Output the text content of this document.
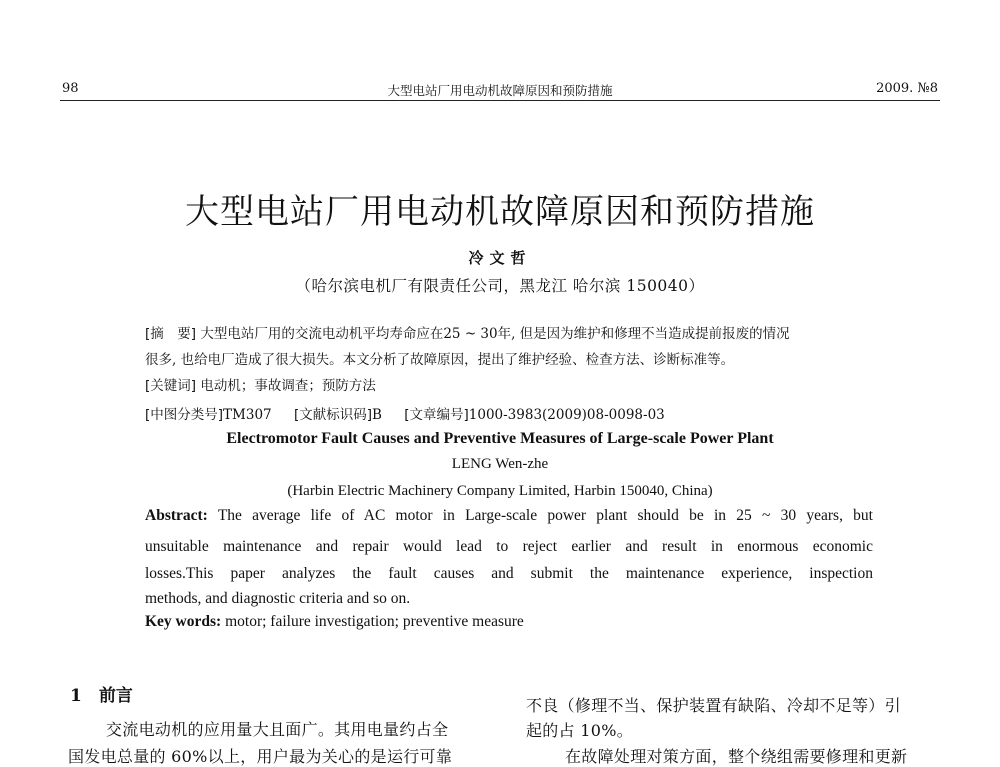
98	大型电站厂用电动机故障原因和预防措施	2009. №8
大型电站厂用电动机故障原因和预防措施
冷文哲
（哈尔滨电机厂有限责任公司，黑龙江 哈尔滨 150040）
[摘　要] 大型电站厂用的交流电动机平均寿命应在25 ~ 30年, 但是因为维护和修理不当造成提前报废的情况
很多, 也给电厂造成了很大损失。本文分析了故障原因，提出了维护经验、检查方法、诊断标准等。
[关键词] 电动机；事故调查；预防方法
[中图分类号]TM307 [文献标识码]B [文章编号]1000-3983(2009)08-0098-03
Electromotor Fault Causes and Preventive Measures of Large-scale Power Plant
LENG Wen-zhe
(Harbin Electric Machinery Company Limited, Harbin 150040, China)
Abstract: The average life of AC motor in Large-scale power plant should be in 25 ~ 30 years, but
unsuitable maintenance and repair would lead to reject earlier and result in enormous economic
losses.This paper analyzes the fault causes and submit the maintenance experience, inspection
methods, and diagnostic criteria and so on.
Key words: motor; failure investigation; preventive measure
1　前言
交流电动机的应用量大且面广。其用电量约占全
国发电总量的 60%以上，用户最为关心的是运行可靠
不良（修理不当、保护装置有缺陷、冷却不足等）引
起的占 10%。
在故障处理对策方面，整个绕组需要修理和更新
